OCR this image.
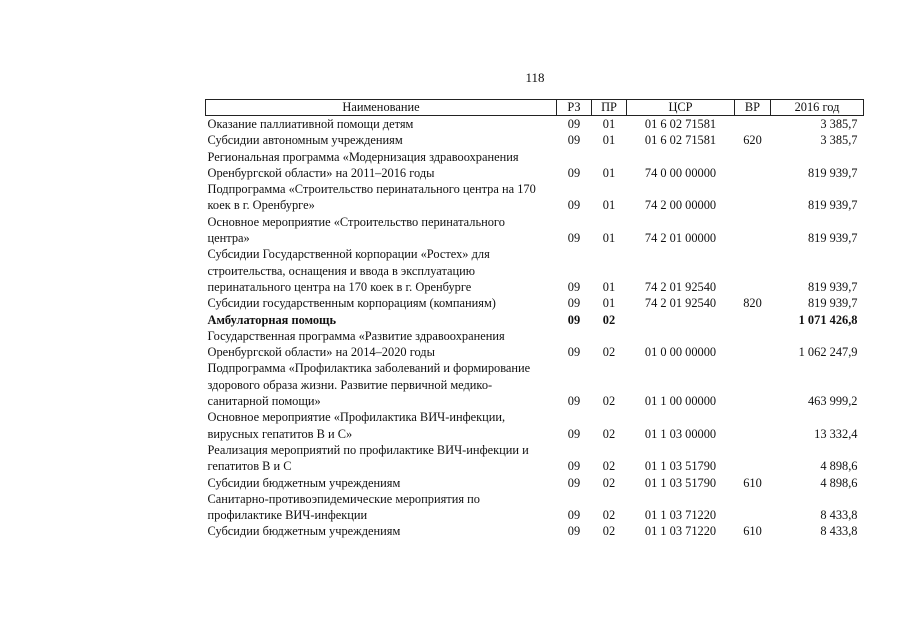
118
Наименование	РЗ	ПР	ЦСР	ВР	2016 год
Оказание паллиативной помощи детям	09	01	01 6 02 71581		3 385,7
Субсидии автономным учреждениям	09	01	01 6 02 71581	620	3 385,7
Региональная программа «Модернизация здравоохранения
Оренбургской области» на 2011–2016 годы	09	01	74 0 00 00000		819 939,7
Подпрограмма «Строительство перинатального центра на 170
коек в г. Оренбурге»	09	01	74 2 00 00000		819 939,7
Основное мероприятие «Строительство перинатального
центра»	09	01	74 2 01 00000		819 939,7
Субсидии Государственной корпорации «Ростех» для
строительства, оснащения и ввода в эксплуатацию
перинатального центра на 170 коек в г. Оренбурге	09	01	74 2 01 92540		819 939,7
Субсидии государственным корпорациям (компаниям)	09	01	74 2 01 92540	820	819 939,7
Амбулаторная помощь	09	02			1 071 426,8
Государственная программа «Развитие здравоохранения
Оренбургской области» на 2014–2020 годы	09	02	01 0 00 00000		1 062 247,9
Подпрограмма «Профилактика заболеваний и формирование
здорового образа жизни. Развитие первичной медико-
санитарной помощи»	09	02	01 1 00 00000		463 999,2
Основное мероприятие «Профилактика ВИЧ-инфекции,
вирусных гепатитов В и С»	09	02	01 1 03 00000		13 332,4
Реализация мероприятий по профилактике ВИЧ-инфекции и
гепатитов В и С	09	02	01 1 03 51790		4 898,6
Субсидии бюджетным учреждениям	09	02	01 1 03 51790	610	4 898,6
Санитарно-противоэпидемические мероприятия по
профилактике ВИЧ-инфекции	09	02	01 1 03 71220		8 433,8
Субсидии бюджетным учреждениям	09	02	01 1 03 71220	610	8 433,8
